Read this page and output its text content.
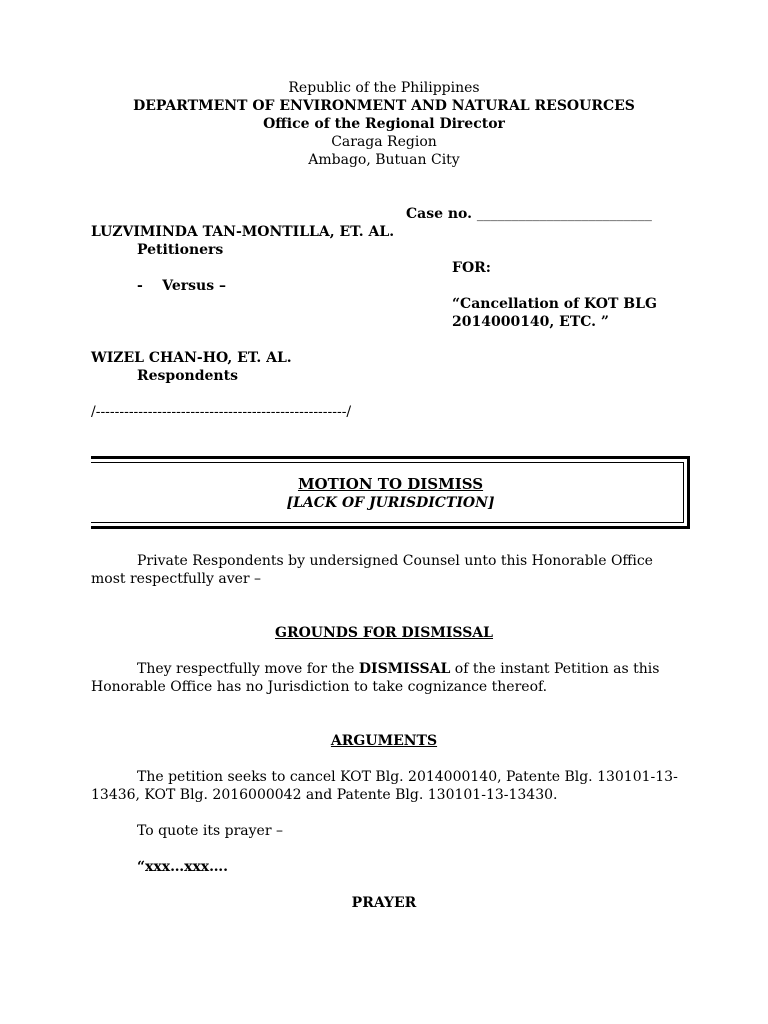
Republic of the Philippines
DEPARTMENT OF ENVIRONMENT AND NATURAL RESOURCES
Office of the Regional Director
Caraga Region
Ambago, Butuan City
Case no. _________________________
LUZVIMINDA TAN-MONTILLA, ET. AL.
Petitioners
FOR:
-    Versus –
“Cancellation of KOT BLG
2014000140, ETC. ”
WIZEL CHAN-HO, ET. AL.
Respondents
/-----------------------------------------------------/
MOTION TO DISMISS
[LACK OF JURISDICTION]
Private Respondents by undersigned Counsel unto this Honorable Office most respectfully aver –
GROUNDS FOR DISMISSAL
They respectfully move for the DISMISSAL of the instant Petition as this Honorable Office has no Jurisdiction to take cognizance thereof.
ARGUMENTS
The petition seeks to cancel KOT Blg. 2014000140, Patente Blg. 130101-13-13436, KOT Blg. 2016000042 and Patente Blg. 130101-13-13430.
To quote its prayer –
“xxx…xxx….
PRAYER
